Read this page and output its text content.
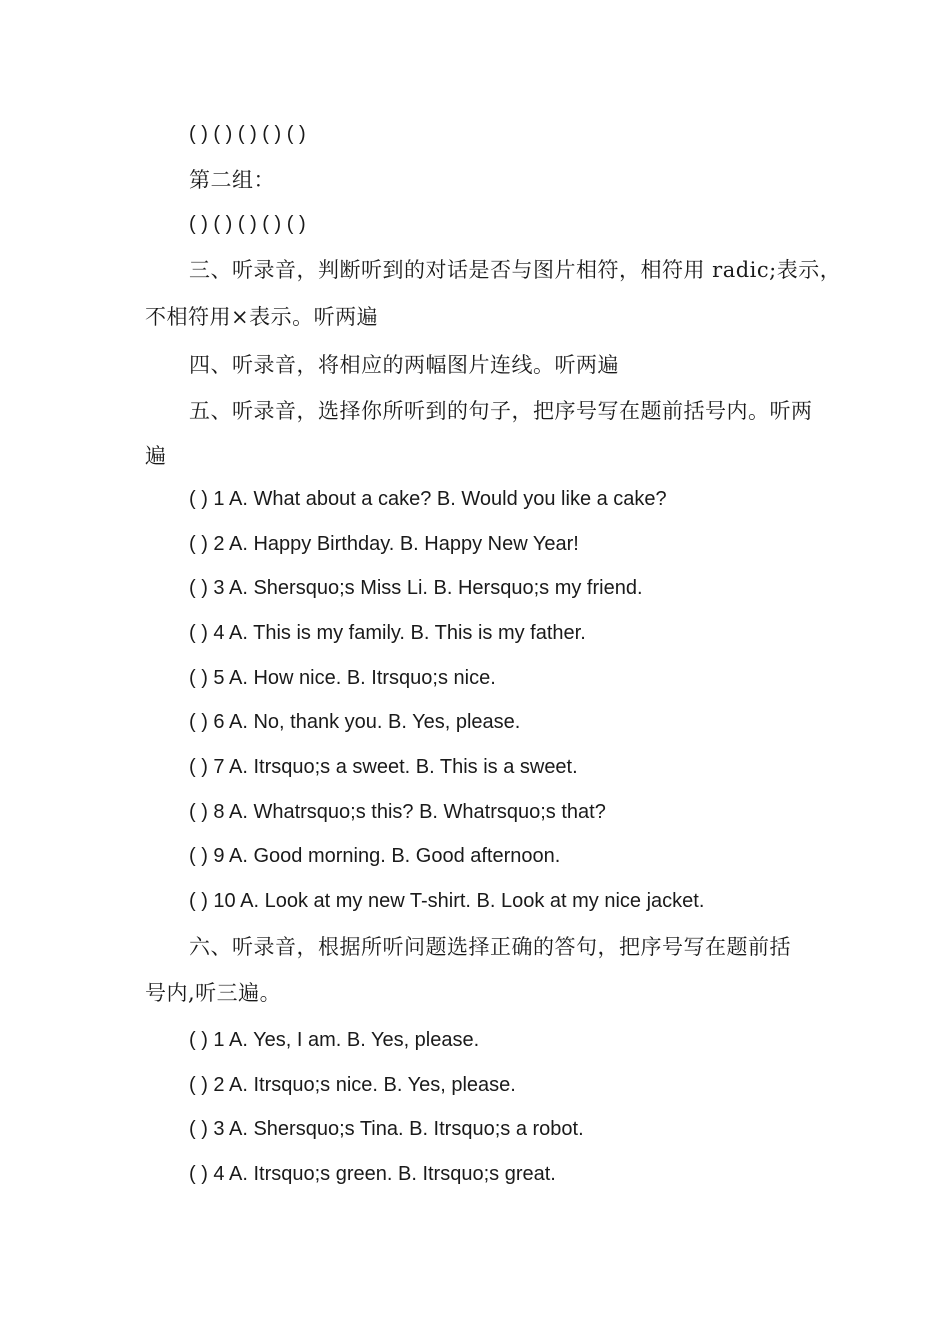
( ) ( ) ( ) ( ) ( )
第二组：
( ) ( ) ( ) ( ) ( )
三、听录音，判断听到的对话是否与图片相符，相符用 radic;表示，
不相符用×表示。听两遍
四、听录音，将相应的两幅图片连线。听两遍
五、听录音，选择你所听到的句子，把序号写在题前括号内。听两
遍
( ) 1 A. What about a cake? B. Would you like a cake?
( ) 2 A. Happy Birthday. B. Happy New Year!
( ) 3 A. Shersquo;s Miss Li. B. Hersquo;s my friend.
( ) 4 A. This is my family. B. This is my father.
( ) 5 A. How nice. B. Itrsquo;s nice.
( ) 6 A. No, thank you. B. Yes, please.
( ) 7 A. Itrsquo;s a sweet. B. This is a sweet.
( ) 8 A. Whatrsquo;s this? B. Whatrsquo;s that?
( ) 9 A. Good morning. B. Good afternoon.
( ) 10 A. Look at my new T-shirt. B. Look at my nice jacket.
六、听录音，根据所听问题选择正确的答句，把序号写在题前括
号内,听三遍。
( ) 1 A. Yes, I am. B. Yes, please.
( ) 2 A. Itrsquo;s nice. B. Yes, please.
( ) 3 A. Shersquo;s Tina. B. Itrsquo;s a robot.
( ) 4 A. Itrsquo;s green. B. Itrsquo;s great.
